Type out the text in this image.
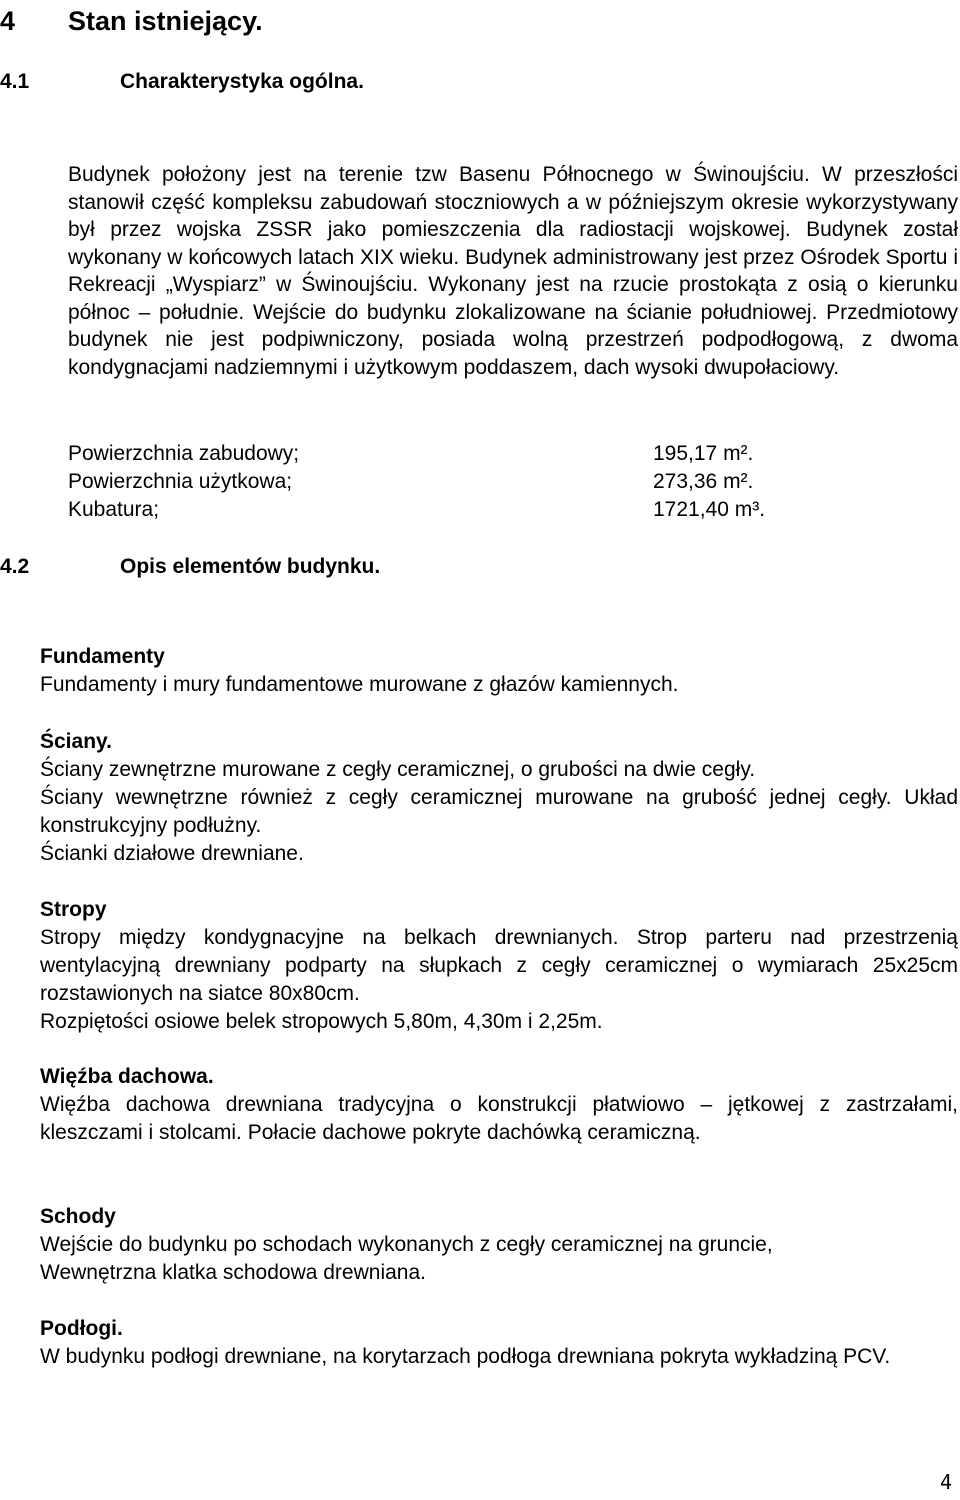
4 Stan istniejący.
4.1	Charakterystyka ogólna.

Budynek położony jest na terenie tzw Basenu Północnego w Świnoujściu. W przeszłości stanowił część kompleksu zabudowań stoczniowych a w późniejszym okresie wykorzystywany był przez wojska ZSSR jako pomieszczenia dla radiostacji wojskowej. Budynek został wykonany w końcowych latach XIX wieku. Budynek administrowany jest przez Ośrodek Sportu i Rekreacji „Wyspiarz” w Świnoujściu. Wykonany jest na rzucie prostokąta z osią o kierunku północ – południe. Wejście do budynku zlokalizowane na ścianie południowej. Przedmiotowy budynek nie jest podpiwniczony, posiada wolną przestrzeń podpodłogową, z dwoma kondygnacjami nadziemnymi i użytkowym poddaszem, dach wysoki dwupołaciowy.

Powierzchnia zabudowy;	195,17 m².
Powierzchnia użytkowa;	273,36 m².
Kubatura;	1721,40 m³.
4.2	Opis elementów budynku.

Fundamenty

Fundamenty i mury fundamentowe murowane z głazów kamiennych.

Ściany.

Ściany zewnętrzne murowane z cegły ceramicznej, o grubości na dwie cegły.

Ściany wewnętrzne również z cegły ceramicznej murowane na grubość jednej cegły. Układ konstrukcyjny podłużny.

Ścianki działowe drewniane.

Stropy

Stropy między kondygnacyjne na belkach drewnianych. Strop parteru nad przestrzenią wentylacyjną drewniany podparty na słupkach z cegły ceramicznej o wymiarach 25x25cm rozstawionych na siatce 80x80cm.

Rozpiętości osiowe belek stropowych 5,80m, 4,30m i 2,25m.

Więźba dachowa.

Więźba dachowa drewniana tradycyjna o konstrukcji płatwiowo – jętkowej z zastrzałami, kleszczami i stolcami. Połacie dachowe pokryte dachówką ceramiczną.

Schody

Wejście do budynku po schodach wykonanych z cegły ceramicznej na gruncie,

Wewnętrzna klatka schodowa drewniana.

Podłogi.

W budynku podłogi drewniane, na korytarzach podłoga drewniana pokryta wykładziną PCV.

4
